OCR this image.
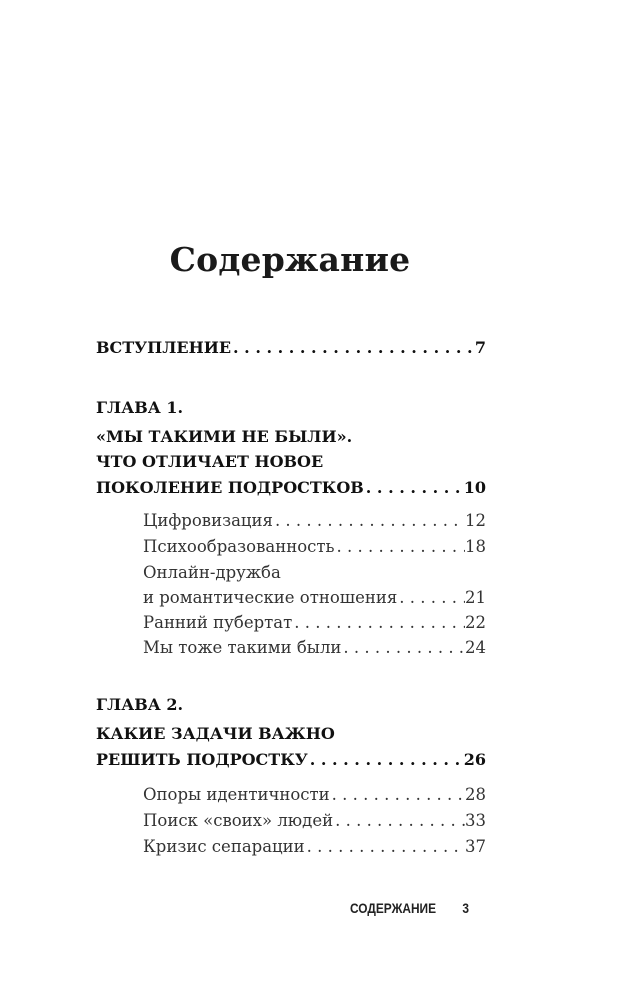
Содержание
ВСТУПЛЕНИЕ . . .	7
ГЛАВА 1.
«МЫ ТАКИМИ НЕ БЫЛИ».
ЧТО ОТЛИЧАЕТ НОВОЕ
ПОКОЛЕНИЕ ПОДРОСТКОВ . . .	10
Цифровизация . . .	12
Психообразованность . . .	18
Онлайн-дружба
и романтические отношения . . .	21
Ранний пубертат . . .	22
Мы тоже такими были . . .	24
ГЛАВА 2.
КАКИЕ ЗАДАЧИ ВАЖНО
РЕШИТЬ ПОДРОСТКУ . . .	26
Опоры идентичности . . .	28
Поиск «своих» людей . . .	33
Кризис сепарации . . .	37
СОДЕРЖАНИЕ 3
